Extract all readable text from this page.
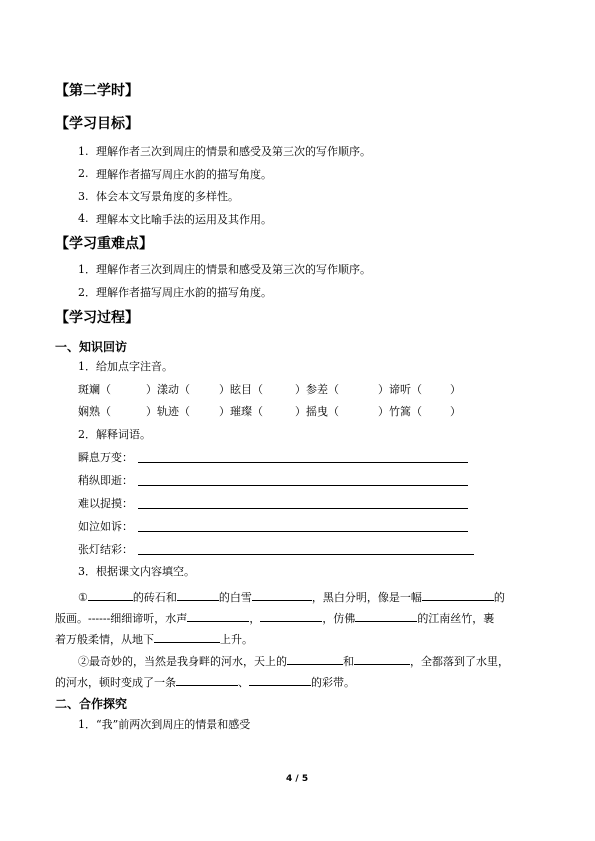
【第二学时】
【学习目标】
1. 理解作者三次到周庄的情景和感受及第三次的写作顺序。
2. 理解作者描写周庄水韵的描写角度。
3. 体会本文写景角度的多样性。
4. 理解本文比喻手法的运用及其作用。
【学习重难点】
1． 理解作者三次到周庄的情景和感受及第三次的写作顺序。
2． 理解作者描写周庄水韵的描写角度。
【学习过程】
一、知识回访
1．给加点字注音。
斑斓（	）漾动（	）眩目（	）参差（	）谛听（	）
娴熟（	）轨迹（	）璀璨（	）摇曳（	）竹篙（	）
2．解释词语。
瞬息万变：
稍纵即逝：
难以捉摸：
如泣如诉：
张灯结彩：
3．根据课文内容填空。
①	的砖石和	的白雪	，黑白分明，像是一幅	的
版画。------细细谛听，水声	，	，仿佛	的江南丝竹，裹
着万般柔情，从地下	上升。
②最奇妙的，当然是我身畔的河水，天上的	和	，全都落到了水里，
的河水，顿时变成了一条	、	的彩带。
二、合作探究
1．“我”前两次到周庄的情景和感受
4 / 5
